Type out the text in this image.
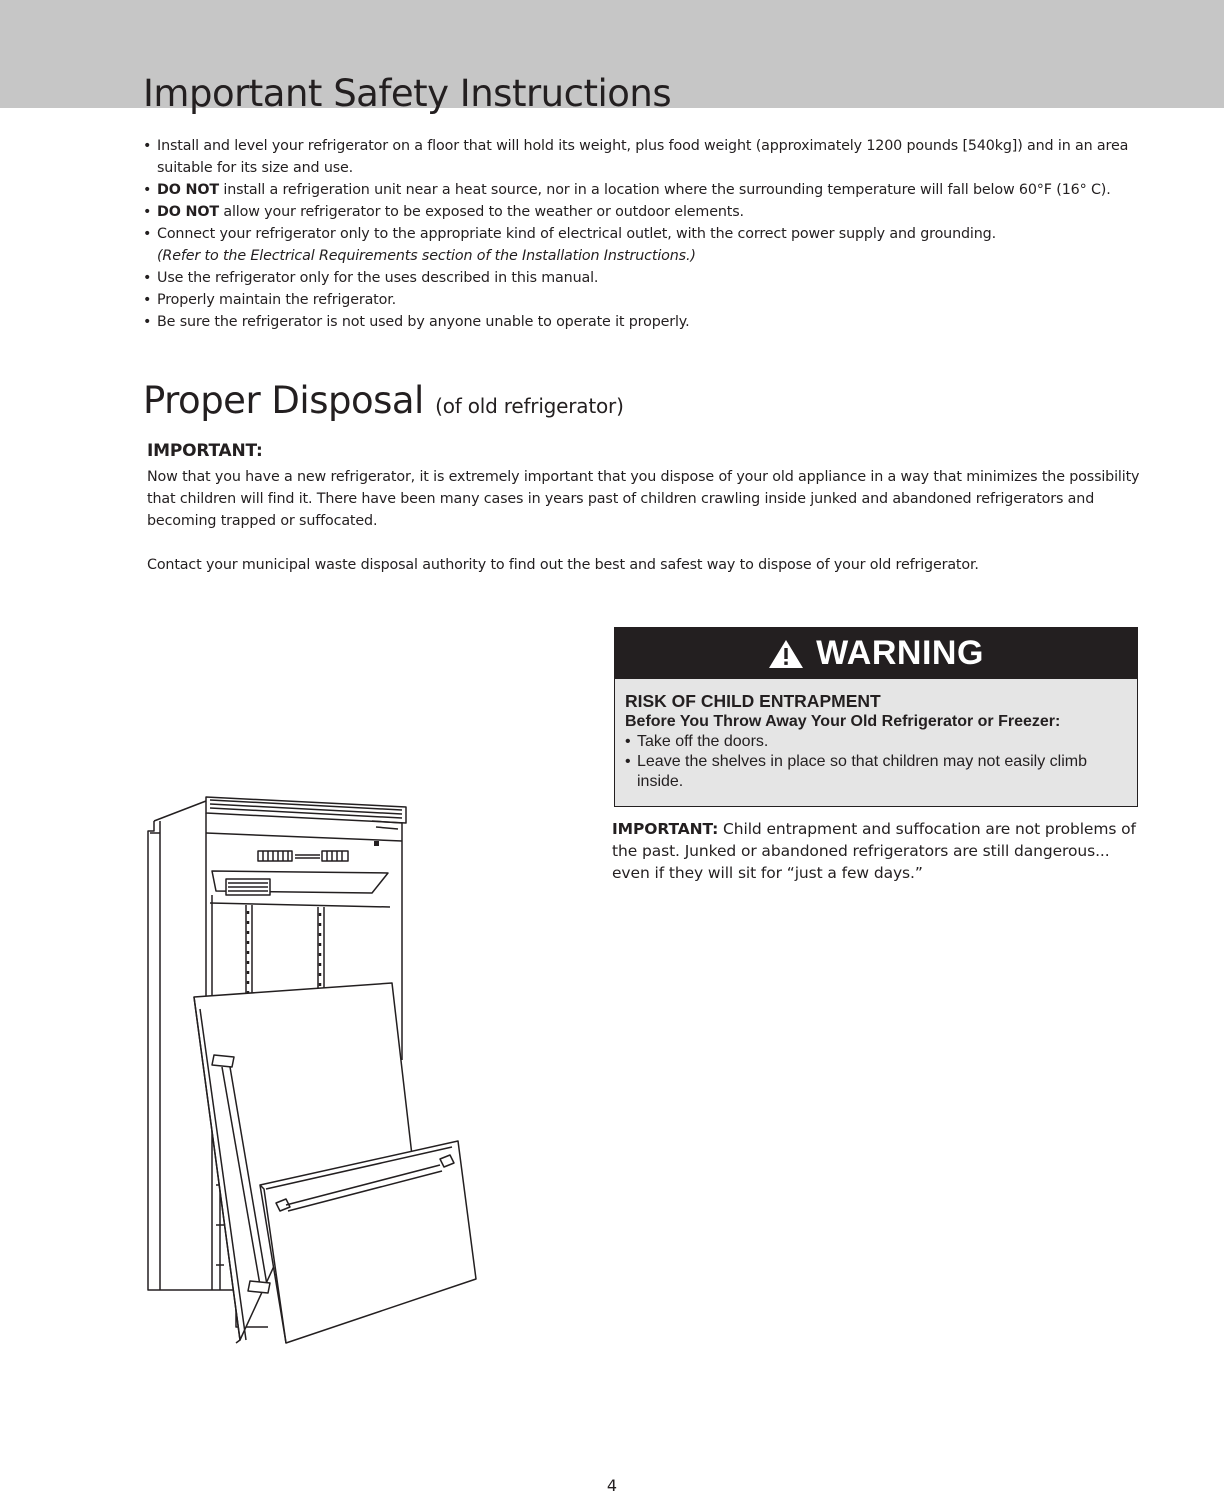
Important Safety Instructions
• Install and level your refrigerator on a floor that will hold its weight, plus food weight (approximately 1200 pounds [540kg]) and in an area suitable for its size and use.
• DO NOT install a refrigeration unit near a heat source, nor in a location where the surrounding temperature will fall below 60°F (16° C).
• DO NOT allow your refrigerator to be exposed to the weather or outdoor elements.
• Connect your refrigerator only to the appropriate kind of electrical outlet, with the correct power supply and grounding.
(Refer to the Electrical Requirements section of the Installation Instructions.)
• Use the refrigerator only for the uses described in this manual.
• Properly maintain the refrigerator.
• Be sure the refrigerator is not used by anyone unable to operate it properly.
Proper Disposal (of old refrigerator)

IMPORTANT:

Now that you have a new refrigerator, it is extremely important that you dispose of your old appliance in a way that minimizes the possibility that children will find it. There have been many cases in years past of children crawling inside junked and abandoned refrigerators and becoming trapped or suffocated.

Contact your municipal waste disposal authority to find out the best and safest way to dispose of your old refrigerator.

WARNING

RISK OF CHILD ENTRAPMENT

Before You Throw Away Your Old Refrigerator or Freezer:

• Take off the doors.
• Leave the shelves in place so that children may not easily climb inside.

IMPORTANT: Child entrapment and suffocation are not problems of the past. Junked or abandoned refrigerators are still dangerous... even if they will sit for “just a few days.”

4
